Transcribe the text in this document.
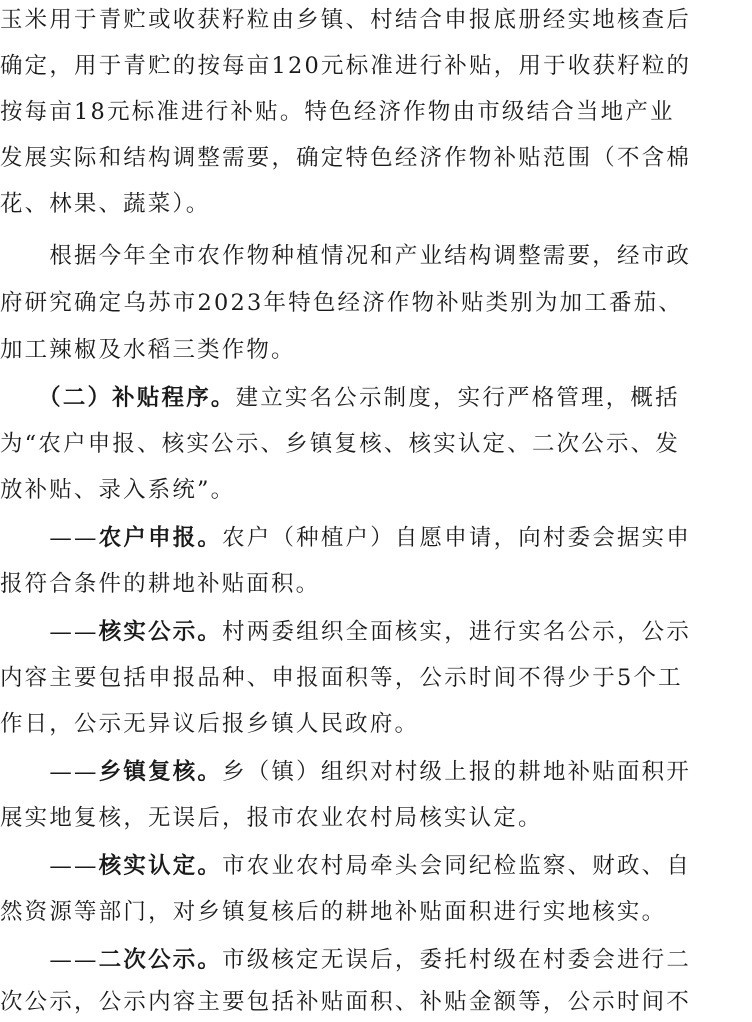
玉米用于青贮或收获籽粒由乡镇、村结合申报底册经实地核查后
确定，用于青贮的按每亩120元标准进行补贴，用于收获籽粒的
按每亩18元标准进行补贴。特色经济作物由市级结合当地产业
发展实际和结构调整需要，确定特色经济作物补贴范围（不含棉
花、林果、蔬菜）。
　　根据今年全市农作物种植情况和产业结构调整需要，经市政
府研究确定乌苏市2023年特色经济作物补贴类别为加工番茄、
加工辣椒及水稻三类作物。
　　（二）补贴程序。建立实名公示制度，实行严格管理，概括
为“农户申报、核实公示、乡镇复核、核实认定、二次公示、发
放补贴、录入系统”。
　　——农户申报。农户（种植户）自愿申请，向村委会据实申
报符合条件的耕地补贴面积。
　　——核实公示。村两委组织全面核实，进行实名公示，公示
内容主要包括申报品种、申报面积等，公示时间不得少于5个工
作日，公示无异议后报乡镇人民政府。
　　——乡镇复核。乡（镇）组织对村级上报的耕地补贴面积开
展实地复核，无误后，报市农业农村局核实认定。
　　——核实认定。市农业农村局牵头会同纪检监察、财政、自
然资源等部门，对乡镇复核后的耕地补贴面积进行实地核实。
　　——二次公示。市级核定无误后，委托村级在村委会进行二
次公示，公示内容主要包括补贴面积、补贴金额等，公示时间不
